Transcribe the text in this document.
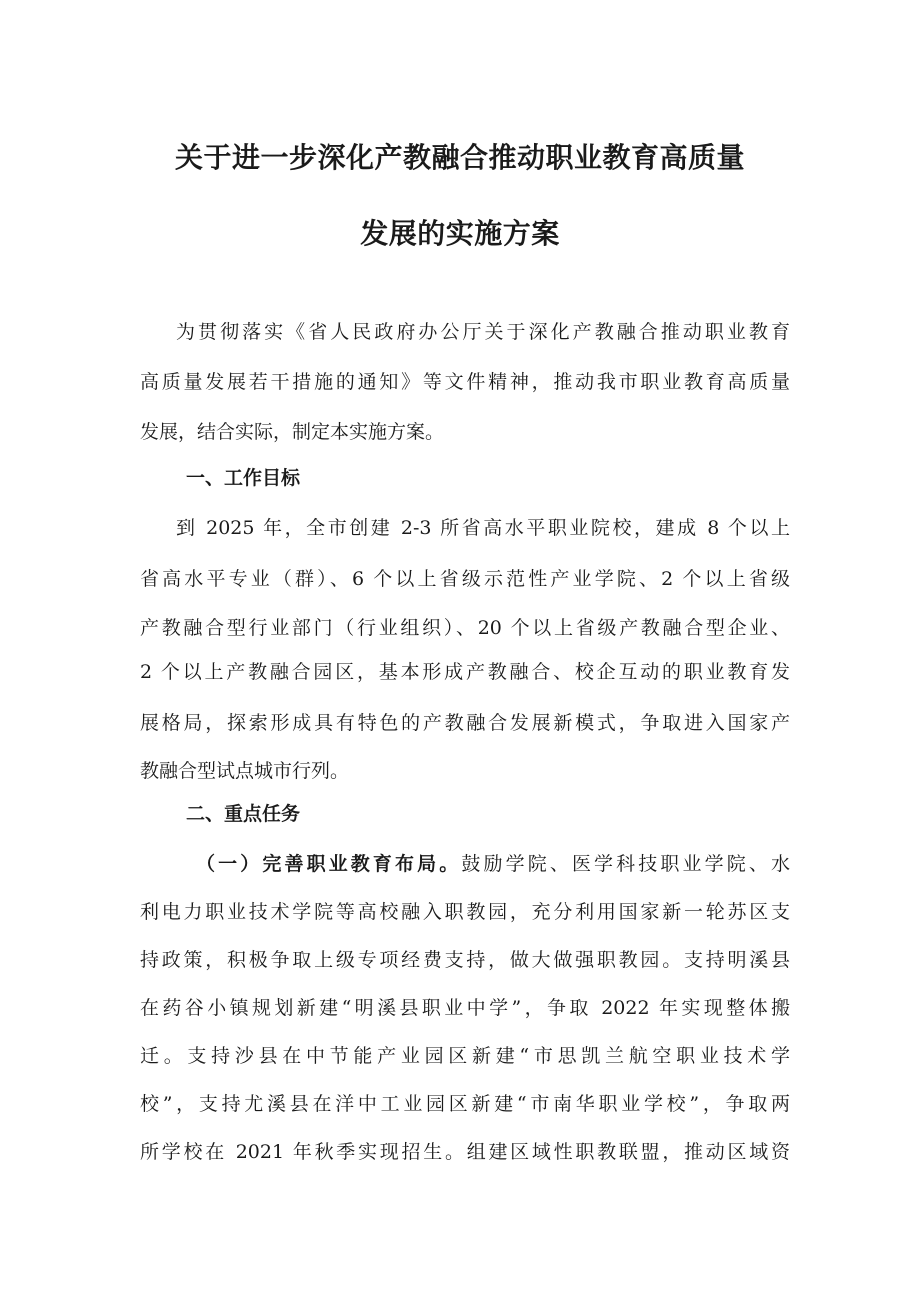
关于进一步深化产教融合推动职业教育高质量
发展的实施方案
为贯彻落实《省人民政府办公厅关于深化产教融合推动职业教育
高质量发展若干措施的通知》等文件精神，推动我市职业教育高质量
发展，结合实际，制定本实施方案。
一、工作目标
到 2025 年，全市创建 2-3 所省高水平职业院校，建成 8 个以上
省高水平专业（群）、6 个以上省级示范性产业学院、2 个以上省级
产教融合型行业部门（行业组织）、20 个以上省级产教融合型企业、
2 个以上产教融合园区，基本形成产教融合、校企互动的职业教育发
展格局，探索形成具有特色的产教融合发展新模式，争取进入国家产
教融合型试点城市行列。
二、重点任务
（一）完善职业教育布局。鼓励学院、医学科技职业学院、水
利电力职业技术学院等高校融入职教园，充分利用国家新一轮苏区支
持政策，积极争取上级专项经费支持，做大做强职教园。支持明溪县
在药谷小镇规划新建“明溪县职业中学”，争取 2022 年实现整体搬
迁。支持沙县在中节能产业园区新建“市思凯兰航空职业技术学
校”，支持尤溪县在洋中工业园区新建“市南华职业学校”，争取两
所学校在 2021 年秋季实现招生。组建区域性职教联盟，推动区域资
